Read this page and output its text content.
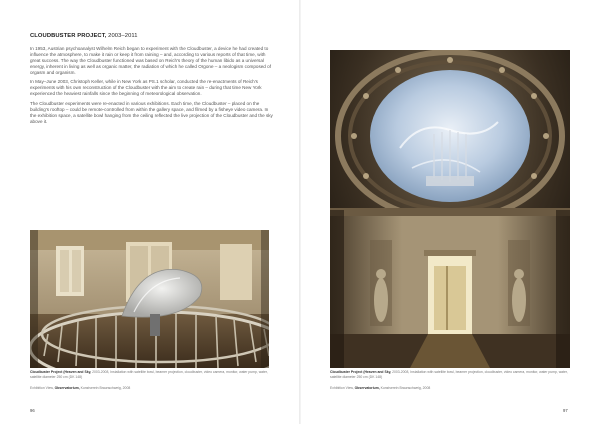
CLOUDBUSTER PROJECT, 2003–2011

In 1953, Austrian psychoanalyst Wilhelm Reich began to experiment with the Cloudbuster, a device he had created to influence the atmosphere, to make it rain or keep it from raining – and, according to various reports of that time, with great success. The way the Cloudbuster functioned was based on Reich's theory of the human libido as a universal energy, inherent in living as well as organic matter, the radiation of which he called Orgone – a neologism composed of orgasm and organism.

In May–June 2003, Christoph Keller, while in New York as PS.1 scholar, conducted the re-enactments of Reich's experiments with his own reconstruction of the Cloudbuster with the aim to create rain – during that time New York experienced the heaviest rainfalls since the beginning of meteorological observation.

The Cloudbuster experiments were re-enacted in various exhibitions. Each time, the Cloudbuster – placed on the building's rooftop – could be remote-controlled from within the gallery space, and filmed by a fisheye video camera. In the exhibition space, a satellite bowl hanging from the ceiling reflected the live projection of the Cloudbuster and the sky above it.

Cloudbuster Project (Heaven and Sky, 2003-2008, Installation with satellite bowl, beamer projection, cloudbuster, video camera, monitor, water pump, water, satellite diameter 250 cm (DK 148)
Exhibition View, Observatorium, Kunstverein Braunschweig, 2008
96
Cloudbuster Project (Heaven and Sky, 2003-2008, Installation with satellite bowl, beamer projection, cloudbuster, video camera, monitor, water pump, water, satellite diameter 250 cm (DK 148)
Exhibition View, Observatorium, Kunstverein Braunschweig, 2008
97
